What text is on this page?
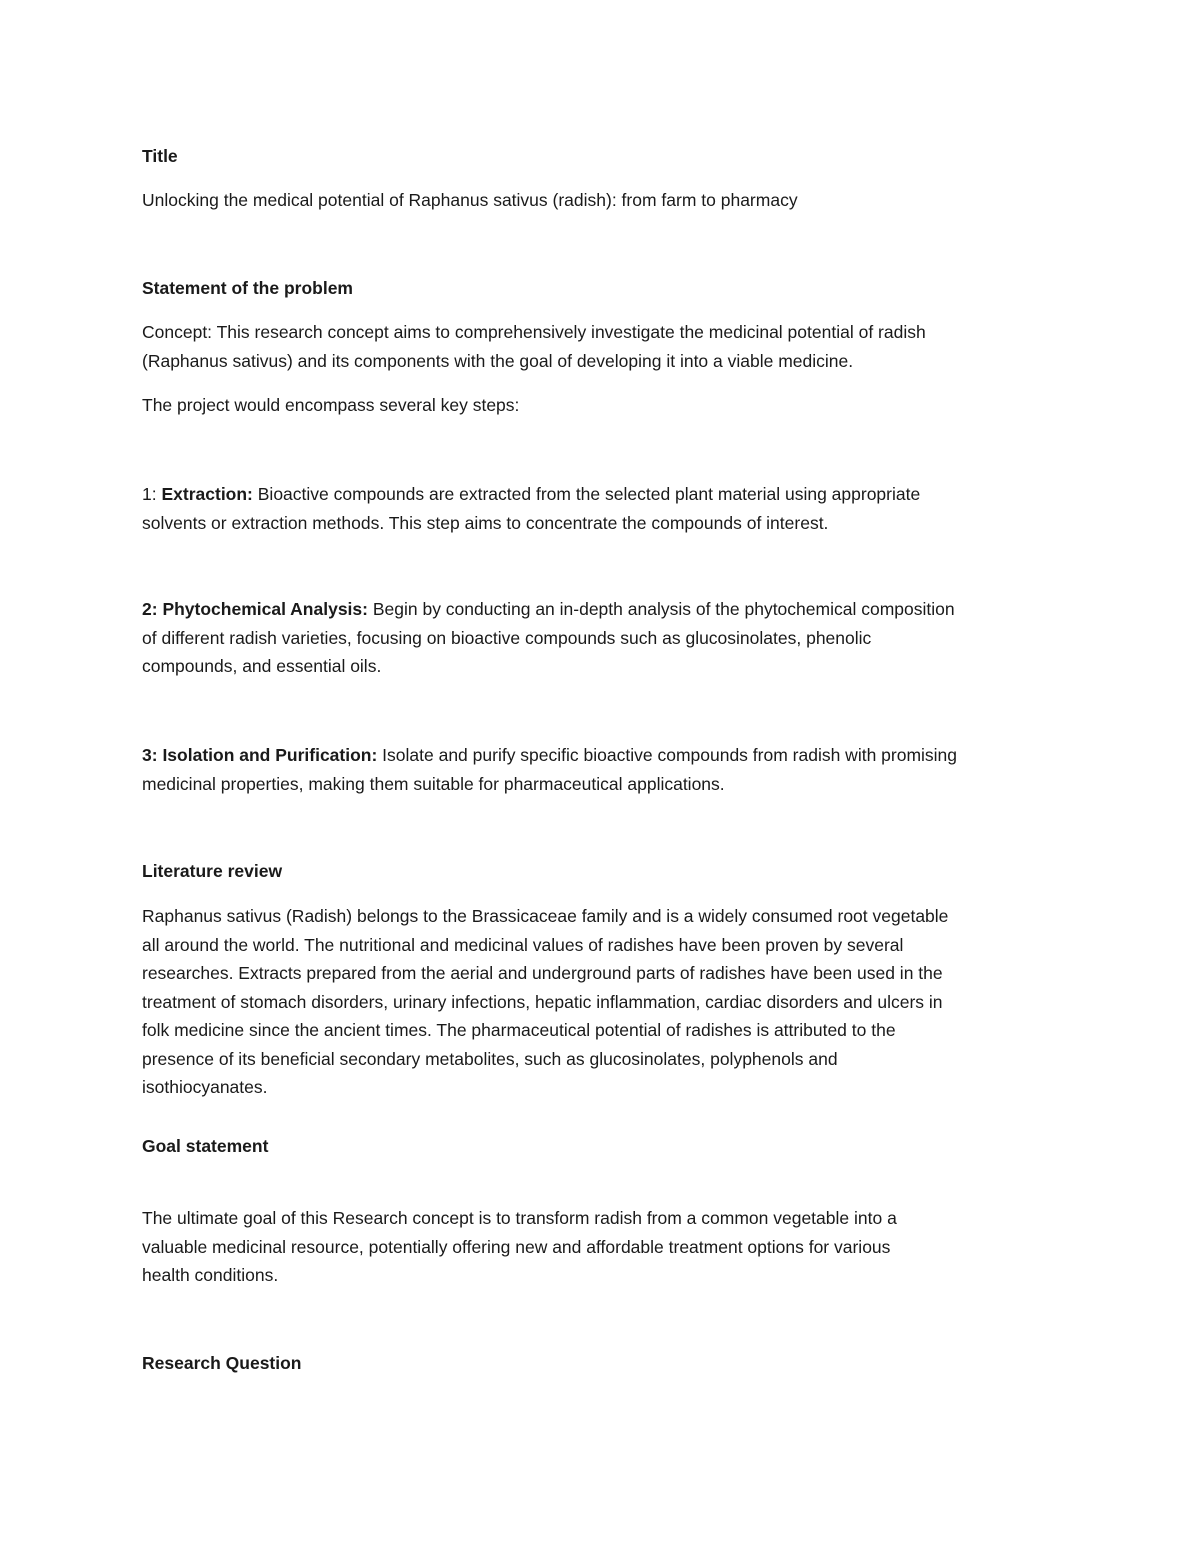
Title
Unlocking the medical potential of Raphanus sativus (radish): from farm to pharmacy
Statement of the problem
Concept: This research concept aims to comprehensively investigate the medicinal potential of radish
(Raphanus sativus) and its components with the goal of developing it into a viable medicine.
The project would encompass several key steps:
1: Extraction: Bioactive compounds are extracted from the selected plant material using appropriate
solvents or extraction methods. This step aims to concentrate the compounds of interest.
2: Phytochemical Analysis: Begin by conducting an in-depth analysis of the phytochemical composition
of different radish varieties, focusing on bioactive compounds such as glucosinolates, phenolic
compounds, and essential oils.
3: Isolation and Purification: Isolate and purify specific bioactive compounds from radish with promising
medicinal properties, making them suitable for pharmaceutical applications.
Literature review
Raphanus sativus (Radish) belongs to the Brassicaceae family and is a widely consumed root vegetable
all around the world. The nutritional and medicinal values of radishes have been proven by several
researches. Extracts prepared from the aerial and underground parts of radishes have been used in the
treatment of stomach disorders, urinary infections, hepatic inflammation, cardiac disorders and ulcers in
folk medicine since the ancient times. The pharmaceutical potential of radishes is attributed to the
presence of its beneficial secondary metabolites, such as glucosinolates, polyphenols and
isothiocyanates.
Goal statement
The ultimate goal of this Research concept is to transform radish from a common vegetable into a
valuable medicinal resource, potentially offering new and affordable treatment options for various
health conditions.
Research Question
